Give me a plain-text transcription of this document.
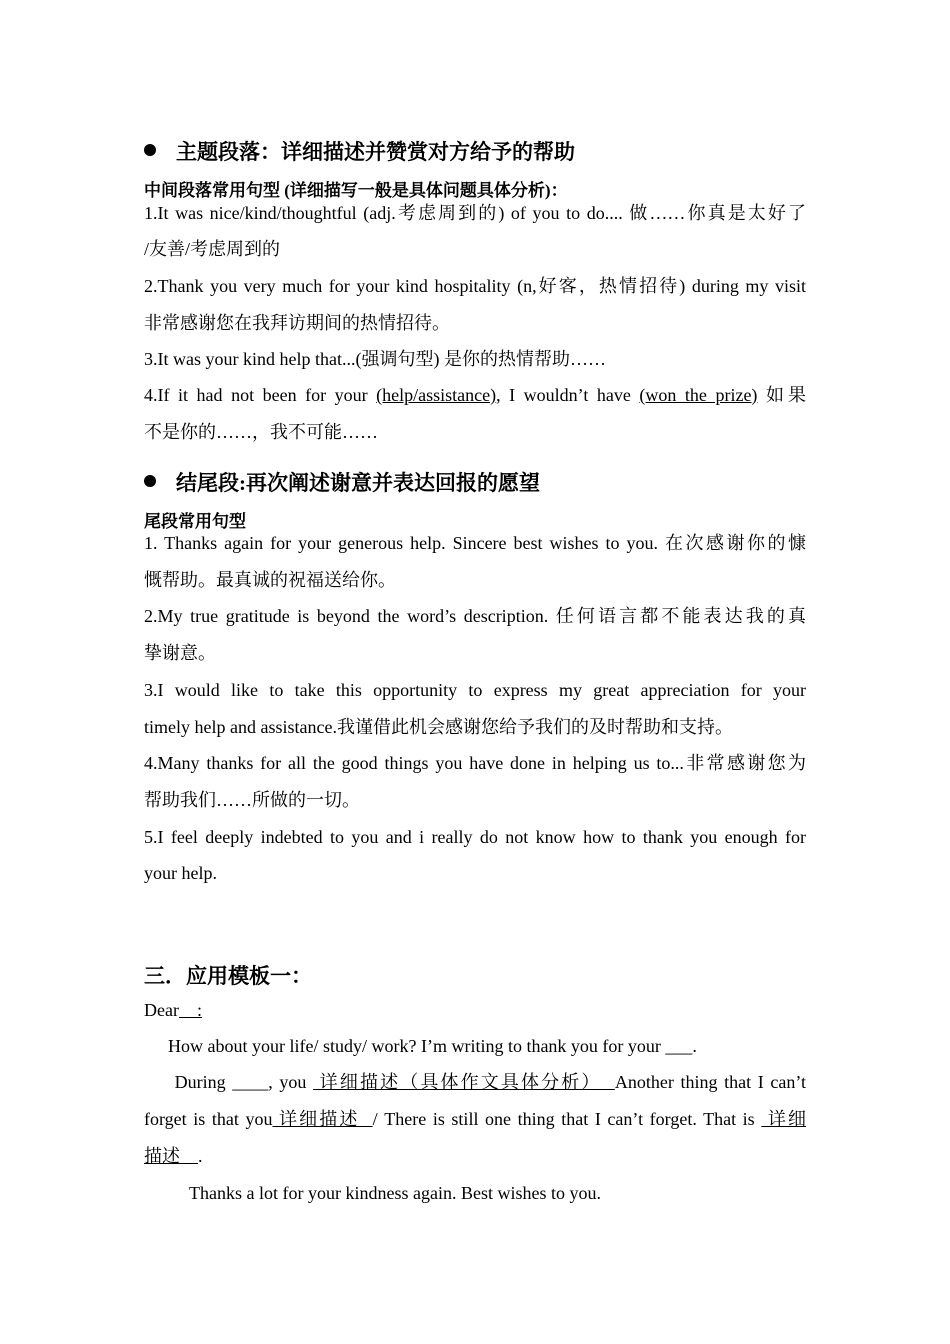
主题段落：详细描述并赞赏对方给予的帮助
中间段落常用句型 (详细描写一般是具体问题具体分析)：
1.It was nice/kind/thoughtful (adj.考虑周到的) of you to do.... 做……你真是太好了
/友善/考虑周到的
2.Thank you very much for your kind hospitality (n,好客，热情招待) during my visit
非常感谢您在我拜访期间的热情招待。
3.It was your kind help that...(强调句型) 是你的热情帮助……
4.If it had not been for your (help/assistance), I wouldn’t have (won the prize) 如果
不是你的……，我不可能……
结尾段:再次阐述谢意并表达回报的愿望
尾段常用句型
1. Thanks again for your generous help. Sincere best wishes to you. 在次感谢你的慷
慨帮助。最真诚的祝福送给你。
2.My true gratitude is beyond the word’s description. 任何语言都不能表达我的真
挚谢意。
3.I would like to take this opportunity to express my great appreciation for your
timely help and assistance.我谨借此机会感谢您给予我们的及时帮助和支持。
4.Many thanks for all the good things you have done in helping us to...非常感谢您为
帮助我们……所做的一切。
5.I feel deeply indebted to you and i really do not know how to thank you enough for
your help.
三．应用模板一：
Dear    :
How about your life/ study/ work? I’m writing to thank you for your ___.
During ____, you  详细描述（具体作文具体分析）  Another thing that I can’t
forget is that you 详细描述  / There is still one thing that I can’t forget. That is  详细
描述    .
Thanks a lot for your kindness again. Best wishes to you.
